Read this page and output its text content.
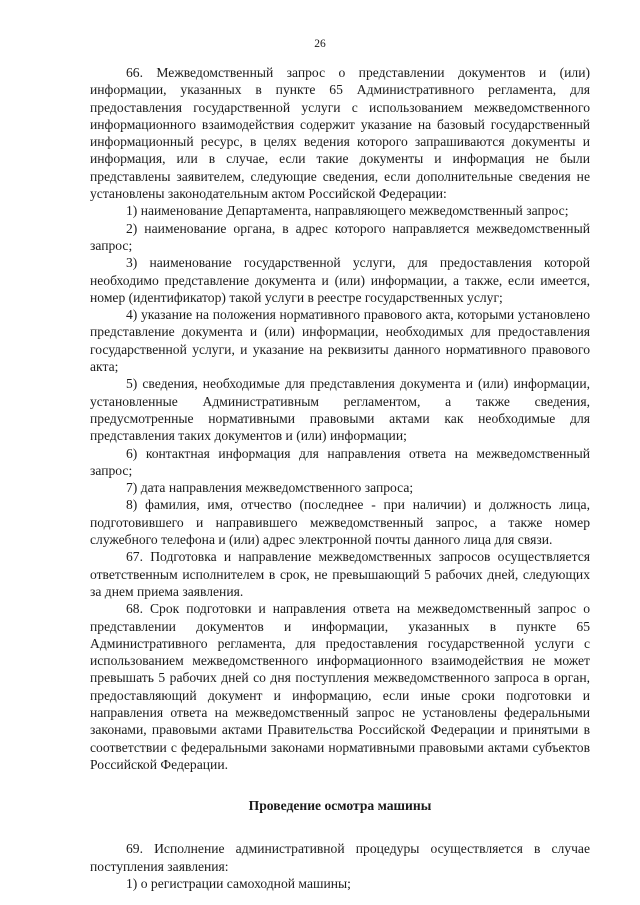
26

66. Межведомственный запрос о представлении документов и (или) информации, указанных в пункте 65 Административного регламента, для предоставления государственной услуги с использованием межведомственного информационного взаимодействия содержит указание на базовый государственный информационный ресурс, в целях ведения которого запрашиваются документы и информация, или в случае, если такие документы и информация не были представлены заявителем, следующие сведения, если дополнительные сведения не установлены законодательным актом Российской Федерации:

1) наименование Департамента, направляющего межведомственный запрос;

2) наименование органа, в адрес которого направляется межведомственный запрос;

3) наименование государственной услуги, для предоставления которой необходимо представление документа и (или) информации, а также, если имеется, номер (идентификатор) такой услуги в реестре государственных услуг;

4) указание на положения нормативного правового акта, которыми установлено представление документа и (или) информации, необходимых для предоставления государственной услуги, и указание на реквизиты данного нормативного правового акта;

5) сведения, необходимые для представления документа и (или) информации, установленные Административным регламентом, а также сведения, предусмотренные нормативными правовыми актами как необходимые для представления таких документов и (или) информации;

6) контактная информация для направления ответа на межведомственный запрос;

7) дата направления межведомственного запроса;

8) фамилия, имя, отчество (последнее - при наличии) и должность лица, подготовившего и направившего межведомственный запрос, а также номер служебного телефона и (или) адрес электронной почты данного лица для связи.

67. Подготовка и направление межведомственных запросов осуществляется ответственным исполнителем в срок, не превышающий 5 рабочих дней, следующих за днем приема заявления.

68. Срок подготовки и направления ответа на межведомственный запрос о представлении документов и информации, указанных в пункте 65 Административного регламента, для предоставления государственной услуги с использованием межведомственного информационного взаимодействия не может превышать 5 рабочих дней со дня поступления межведомственного запроса в орган, предоставляющий документ и информацию, если иные сроки подготовки и направления ответа на межведомственный запрос не установлены федеральными законами, правовыми актами Правительства Российской Федерации и принятыми в соответствии с федеральными законами нормативными правовыми актами субъектов Российской Федерации.

Проведение осмотра машины

69. Исполнение административной процедуры осуществляется в случае поступления заявления:

1) о регистрации самоходной машины;
